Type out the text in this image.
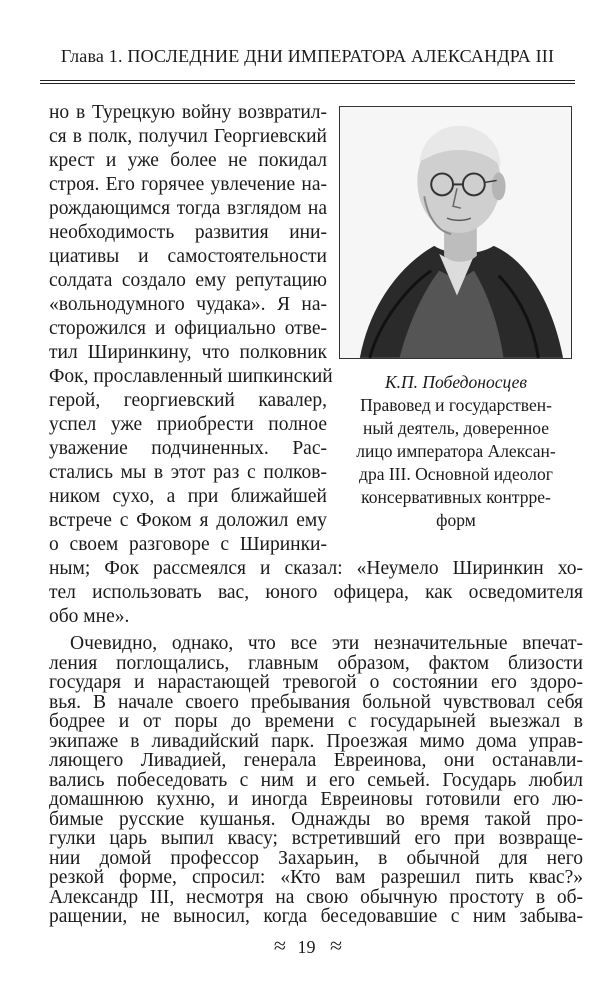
Глава 1. ПОСЛЕДНИЕ ДНИ ИМПЕРАТОРА АЛЕКСАНДРА III
К.П. Победоносцев
Правовед и государствен-
ный деятель, доверенное
лицо императора Алексан-
дра III. Основной идеолог
консервативных контрре-
форм

но в Турецкую войну возвратил-

ся в полк, получил Георгиевский

крест и уже более не покидал

строя. Его горячее увлечение на-

рождающимся тогда взглядом на

необходимость развития ини-

циативы и самостоятельности

солдата создало ему репутацию

«вольнодумного чудака». Я на-

сторожился и официально отве-

тил Ширинкину, что полковник

Фок, прославленный шипкинский

герой, георгиевский кавалер,

успел уже приобрести полное

уважение подчиненных. Рас-

стались мы в этот раз с полков-

ником сухо, а при ближайшей

встрече с Фоком я доложил ему

о своем разговоре с Ширинки-

ным; Фок рассмеялся и сказал: «Неумело Ширинкин хо-

тел использовать вас, юного офицера, как осведомителя

обо мне».

Очевидно, однако, что все эти незначительные впечат-

ления поглощались, главным образом, фактом близости

государя и нарастающей тревогой о состоянии его здоро-

вья. В начале своего пребывания больной чувствовал себя

бодрее и от поры до времени с государыней выезжал в

экипаже в ливадийский парк. Проезжая мимо дома управ-

ляющего Ливадией, генерала Евреинова, они останавли-

вались побеседовать с ним и его семьей. Государь любил

домашнюю кухню, и иногда Евреиновы готовили его лю-

бимые русские кушанья. Однажды во время такой про-

гулки царь выпил квасу; встретивший его при возвраще-

нии домой профессор Захарьин, в обычной для него

резкой форме, спросил: «Кто вам разрешил пить квас?»

Александр III, несмотря на свою обычную простоту в об-

ращении, не выносил, когда беседовавшие с ним забыва-

≈ 19 ≈
